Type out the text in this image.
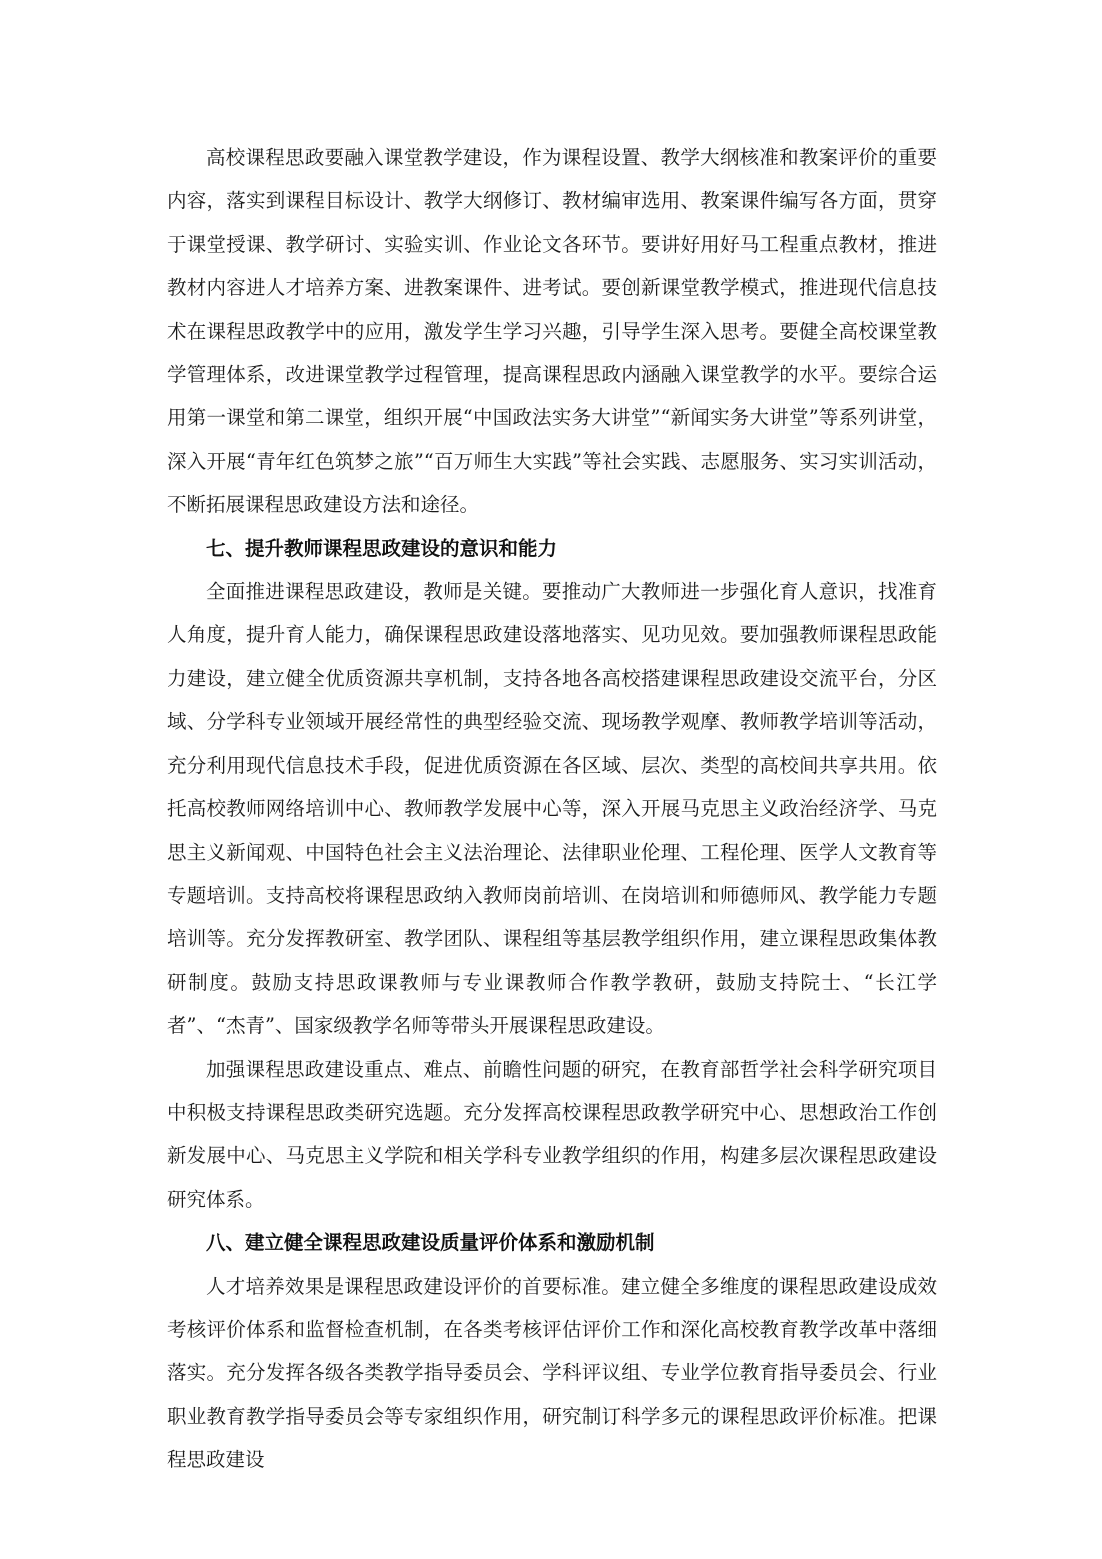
高校课程思政要融入课堂教学建设，作为课程设置、教学大纲核准和教案评价的重要内容，落实到课程目标设计、教学大纲修订、教材编审选用、教案课件编写各方面，贯穿于课堂授课、教学研讨、实验实训、作业论文各环节。要讲好用好马工程重点教材，推进教材内容进人才培养方案、进教案课件、进考试。要创新课堂教学模式，推进现代信息技术在课程思政教学中的应用，激发学生学习兴趣，引导学生深入思考。要健全高校课堂教学管理体系，改进课堂教学过程管理，提高课程思政内涵融入课堂教学的水平。要综合运用第一课堂和第二课堂，组织开展“中国政法实务大讲堂”“新闻实务大讲堂”等系列讲堂，深入开展“青年红色筑梦之旅”“百万师生大实践”等社会实践、志愿服务、实习实训活动，不断拓展课程思政建设方法和途径。

七、提升教师课程思政建设的意识和能力

全面推进课程思政建设，教师是关键。要推动广大教师进一步强化育人意识，找准育人角度，提升育人能力，确保课程思政建设落地落实、见功见效。要加强教师课程思政能力建设，建立健全优质资源共享机制，支持各地各高校搭建课程思政建设交流平台，分区域、分学科专业领域开展经常性的典型经验交流、现场教学观摩、教师教学培训等活动，充分利用现代信息技术手段，促进优质资源在各区域、层次、类型的高校间共享共用。依托高校教师网络培训中心、教师教学发展中心等，深入开展马克思主义政治经济学、马克思主义新闻观、中国特色社会主义法治理论、法律职业伦理、工程伦理、医学人文教育等专题培训。支持高校将课程思政纳入教师岗前培训、在岗培训和师德师风、教学能力专题培训等。充分发挥教研室、教学团队、课程组等基层教学组织作用，建立课程思政集体教研制度。鼓励支持思政课教师与专业课教师合作教学教研，鼓励支持院士、“长江学者”、“杰青”、国家级教学名师等带头开展课程思政建设。

加强课程思政建设重点、难点、前瞻性问题的研究，在教育部哲学社会科学研究项目中积极支持课程思政类研究选题。充分发挥高校课程思政教学研究中心、思想政治工作创新发展中心、马克思主义学院和相关学科专业教学组织的作用，构建多层次课程思政建设研究体系。

八、建立健全课程思政建设质量评价体系和激励机制

人才培养效果是课程思政建设评价的首要标准。建立健全多维度的课程思政建设成效考核评价体系和监督检查机制，在各类考核评估评价工作和深化高校教育教学改革中落细落实。充分发挥各级各类教学指导委员会、学科评议组、专业学位教育指导委员会、行业职业教育教学指导委员会等专家组织作用，研究制订科学多元的课程思政评价标准。把课程思政建设
